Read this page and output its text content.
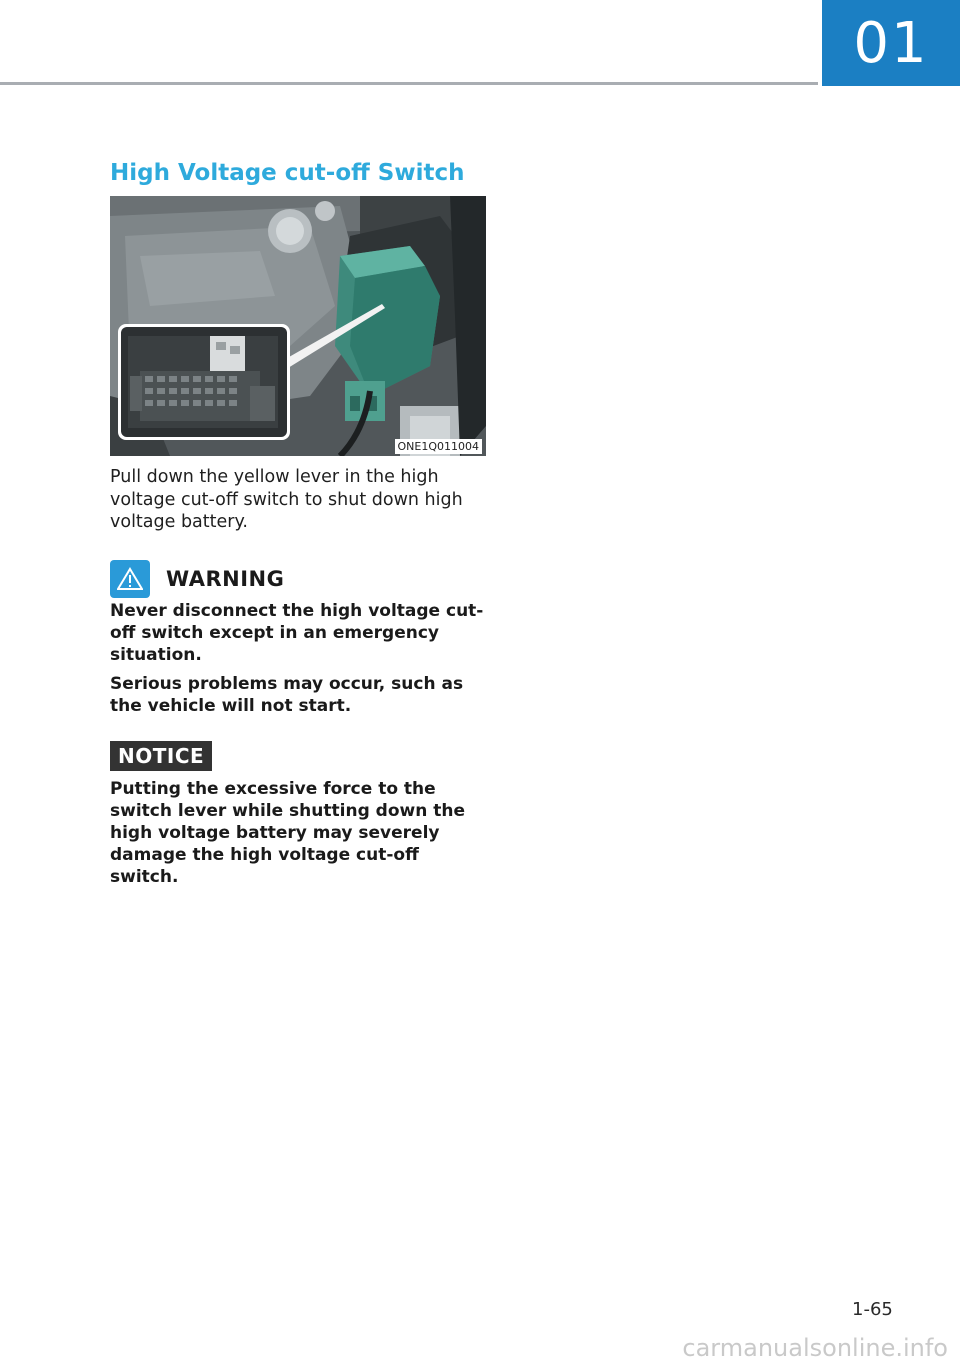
01
High Voltage cut-off Switch
ONE1Q011004

Pull down the yellow lever in the high voltage cut-off switch to shut down high voltage battery.

WARNING

Never disconnect the high voltage cut-off switch except in an emergency situation.

Serious problems may occur, such as the vehicle will not start.

NOTICE

Putting the excessive force to the switch lever while shutting down the high voltage battery may severely damage the high voltage cut-off switch.

1-65
carmanualsonline.info
